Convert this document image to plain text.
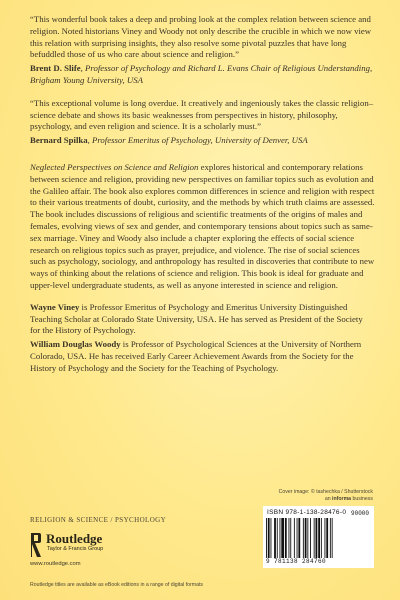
“This wonderful book takes a deep and probing look at the complex relation between science and religion. Noted historians Viney and Woody not only describe the crucible in which we now view this relation with surprising insights, they also resolve some pivotal puzzles that have long befuddled those of us who care about science and religion.”

Brent D. Slife, Professor of Psychology and Richard L. Evans Chair of Religious Understanding, Brigham Young University, USA

“This exceptional volume is long overdue. It creatively and ingeniously takes the classic religion–science debate and shows its basic weaknesses from perspectives in history, philosophy, psychology, and even religion and science. It is a scholarly must.”

Bernard Spilka, Professor Emeritus of Psychology, University of Denver, USA

Neglected Perspectives on Science and Religion explores historical and contemporary relations between science and religion, providing new perspectives on familiar topics such as evolution and the Galileo affair. The book also explores common differences in science and religion with respect to their various treatments of doubt, curiosity, and the methods by which truth claims are assessed. The book includes discussions of religious and scientific treatments of the origins of males and females, evolving views of sex and gender, and contemporary tensions about topics such as same-sex marriage. Viney and Woody also include a chapter exploring the effects of social science research on religious topics such as prayer, prejudice, and violence. The rise of social sciences such as psychology, sociology, and anthropology has resulted in discoveries that contribute to new ways of thinking about the relations of science and religion. This book is ideal for graduate and upper-level undergraduate students, as well as anyone interested in science and religion.

Wayne Viney is Professor Emeritus of Psychology and Emeritus University Distinguished Teaching Scholar at Colorado State University, USA. He has served as President of the Society for the History of Psychology.

William Douglas Woody is Professor of Psychological Sciences at the University of Northern Colorado, USA. He has received Early Career Achievement Awards from the Society for the History of Psychology and the Society for the Teaching of Psychology.

Cover image: © tashechka / Shutterstock
an informa business
RELIGION & SCIENCE / PSYCHOLOGY
Routledge
Taylor & Francis Group
www.routledge.com
Routledge titles are available as eBook editions in a range of digital formats
ISBN 978-1-138-28476-0
9 781138 284760
90000
